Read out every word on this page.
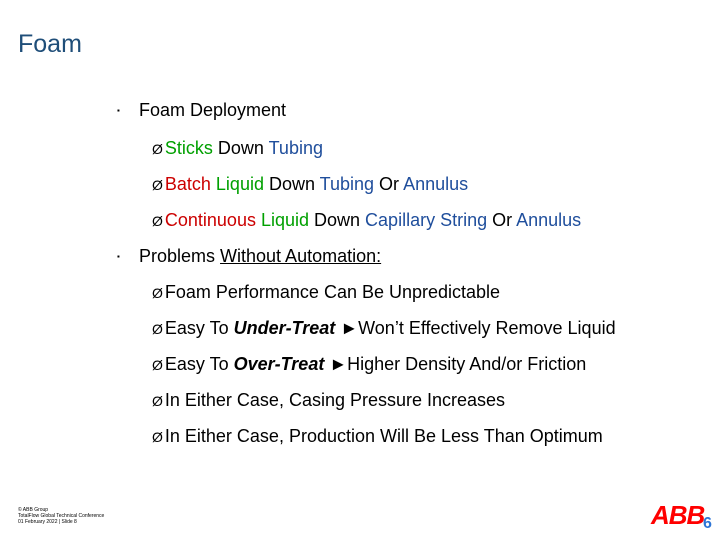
Foam
▪	Foam Deployment
Ø Sticks Down Tubing
Ø Batch Liquid Down Tubing Or Annulus
Ø Continuous Liquid Down Capillary String Or Annulus
▪	Problems Without Automation:
Ø Foam Performance Can Be Unpredictable
Ø Easy To Under-Treat ►Won’t Effectively Remove Liquid
Ø Easy To Over-Treat ►Higher Density And/or Friction
Ø In Either Case, Casing Pressure Increases
Ø In Either Case, Production Will Be Less Than Optimum
© ABB Group
TotalFlow Global Technical Conference
01 February 2022 | Slide 8	ABB
6
